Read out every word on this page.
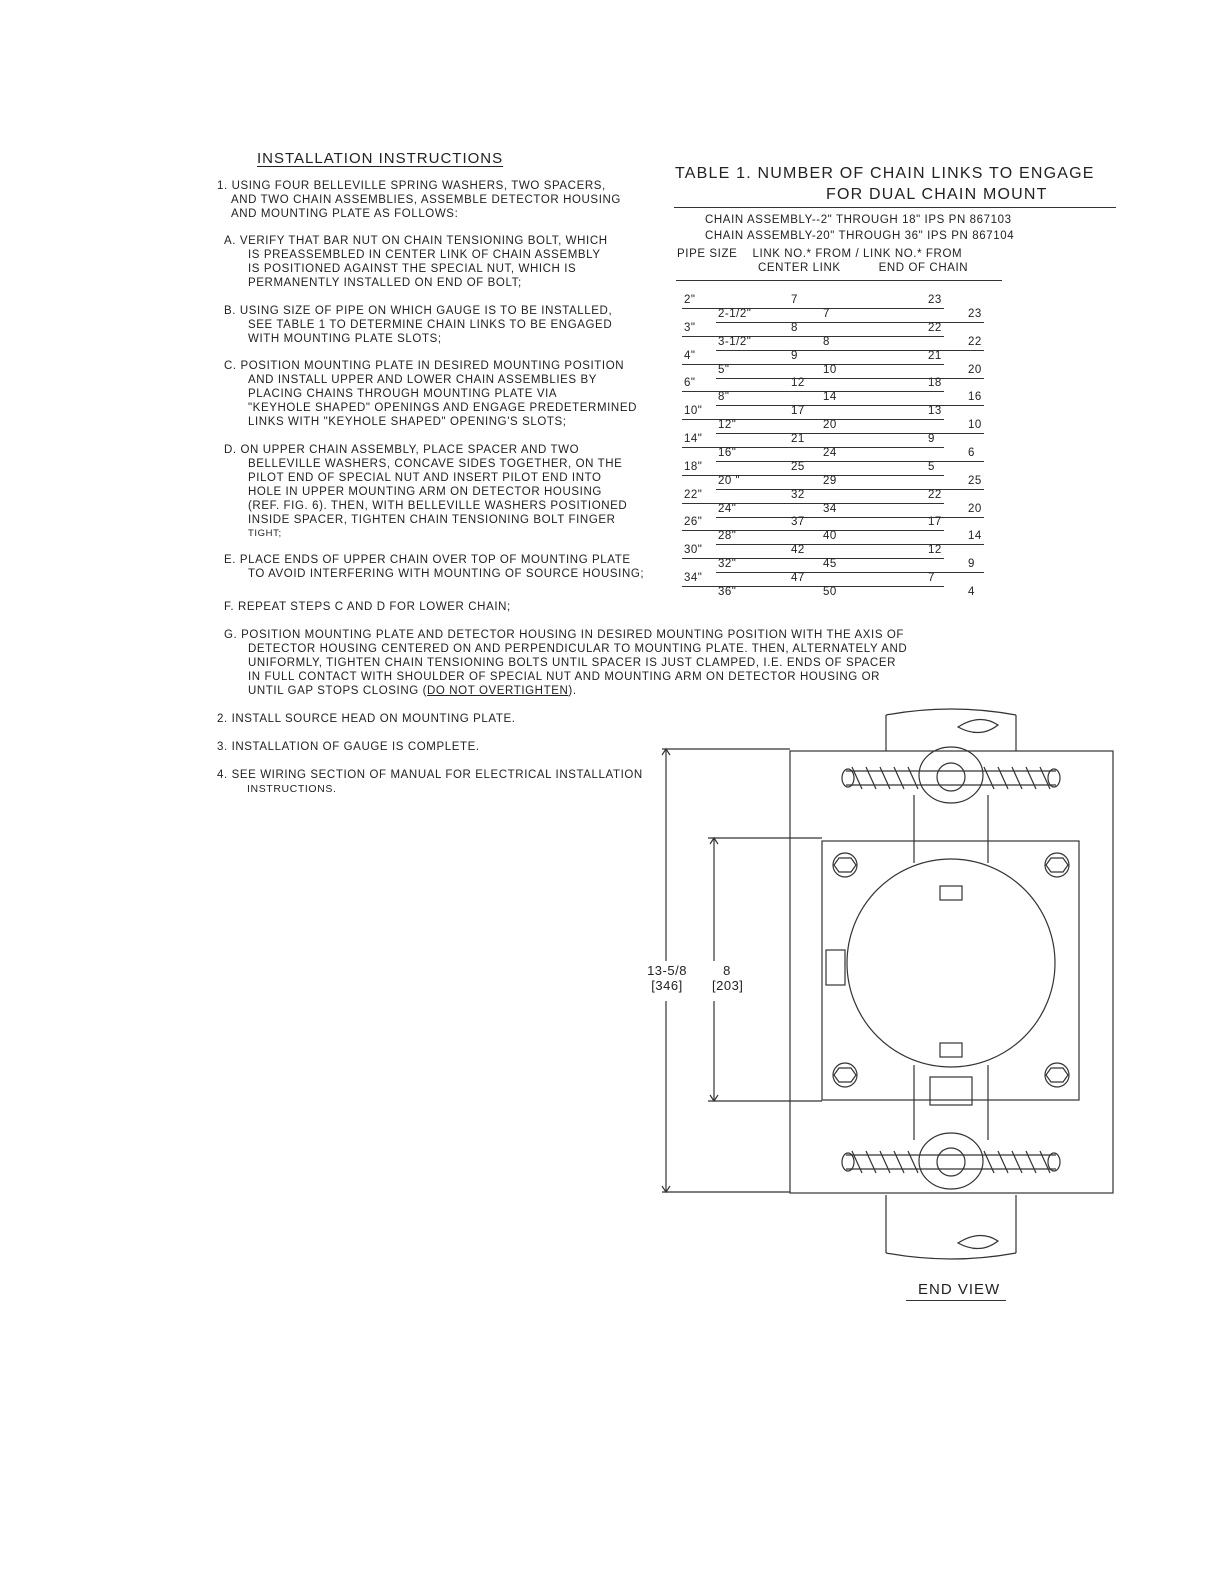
INSTALLATION INSTRUCTIONS
1. USING FOUR BELLEVILLE SPRING WASHERS, TWO SPACERS,
AND TWO CHAIN ASSEMBLIES, ASSEMBLE DETECTOR HOUSING
AND MOUNTING PLATE AS FOLLOWS:
A. VERIFY THAT BAR NUT ON CHAIN TENSIONING BOLT, WHICH
IS PREASSEMBLED IN CENTER LINK OF CHAIN ASSEMBLY
IS POSITIONED AGAINST THE SPECIAL NUT, WHICH IS
PERMANENTLY INSTALLED ON END OF BOLT;
B. USING SIZE OF PIPE ON WHICH GAUGE IS TO BE INSTALLED,
SEE TABLE 1 TO DETERMINE CHAIN LINKS TO BE ENGAGED
WITH MOUNTING PLATE SLOTS;
C. POSITION MOUNTING PLATE IN DESIRED MOUNTING POSITION
AND INSTALL UPPER AND LOWER CHAIN ASSEMBLIES BY
PLACING CHAINS THROUGH MOUNTING PLATE VIA
"KEYHOLE SHAPED" OPENINGS AND ENGAGE PREDETERMINED
LINKS WITH "KEYHOLE SHAPED" OPENING'S SLOTS;
D. ON UPPER CHAIN ASSEMBLY, PLACE SPACER AND TWO
BELLEVILLE WASHERS, CONCAVE SIDES TOGETHER, ON THE
PILOT END OF SPECIAL NUT AND INSERT PILOT END INTO
HOLE IN UPPER MOUNTING ARM ON DETECTOR HOUSING
(REF. FIG. 6). THEN, WITH BELLEVILLE WASHERS POSITIONED
INSIDE SPACER, TIGHTEN CHAIN TENSIONING BOLT FINGER
TIGHT;
E. PLACE ENDS OF UPPER CHAIN OVER TOP OF MOUNTING PLATE
TO AVOID INTERFERING WITH MOUNTING OF SOURCE HOUSING;
F. REPEAT STEPS C AND D FOR LOWER CHAIN;
G. POSITION MOUNTING PLATE AND DETECTOR HOUSING IN DESIRED MOUNTING POSITION WITH THE AXIS OF
DETECTOR HOUSING CENTERED ON AND PERPENDICULAR TO MOUNTING PLATE. THEN, ALTERNATELY AND
UNIFORMLY, TIGHTEN CHAIN TENSIONING BOLTS UNTIL SPACER IS JUST CLAMPED, I.E. ENDS OF SPACER
IN FULL CONTACT WITH SHOULDER OF SPECIAL NUT AND MOUNTING ARM ON DETECTOR HOUSING OR
UNTIL GAP STOPS CLOSING (DO NOT OVERTIGHTEN).
2. INSTALL SOURCE HEAD ON MOUNTING PLATE.
3. INSTALLATION OF GAUGE IS COMPLETE.
4. SEE WIRING SECTION OF MANUAL FOR ELECTRICAL INSTALLATION
INSTRUCTIONS.
TABLE 1. NUMBER OF CHAIN LINKS TO ENGAGE
FOR DUAL CHAIN MOUNT
CHAIN ASSEMBLY--2" THROUGH 18" IPS PN 867103
CHAIN ASSEMBLY-20" THROUGH 36" IPS PN 867104
PIPE SIZE    LINK NO.* FROM / LINK NO.* FROM
CENTER LINK          END OF CHAIN
2"	7	23
2-1/2"	7	23
3"	8	22
3-1/2"	8	22
4"	9	21
5"	10	20
6"	12	18
8"	14	16
10"	17	13
12"	20	10
14"	21	9
16"	24	6
18"	25	5
20 "	29	25
22"	32	22
24"	34	20
26"	37	17
28"	40	14
30"	42	12
32"	45	9
34"	47	7
36"	50	4
13-5/8
[346]
8
[203]
END VIEW
